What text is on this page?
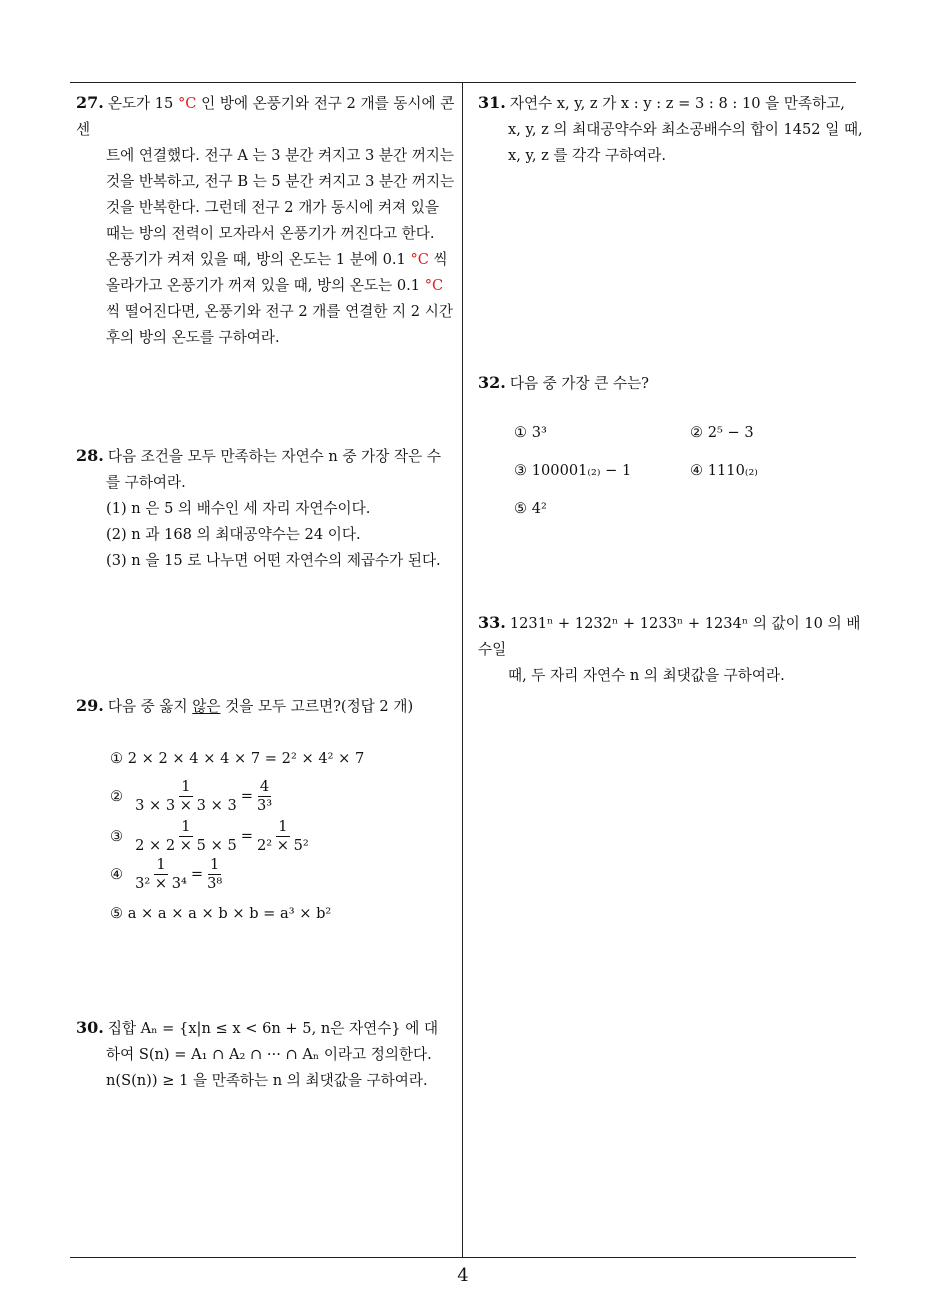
27. 온도가 15 °C 인 방에 온풍기와 전구 2 개를 동시에 콘센
트에 연결했다. 전구 A 는 3 분간 켜지고 3 분간 꺼지는
것을 반복하고, 전구 B 는 5 분간 켜지고 3 분간 꺼지는
것을 반복한다. 그런데 전구 2 개가 동시에 켜져 있을
때는 방의 전력이 모자라서 온풍기가 꺼진다고 한다.
온풍기가 켜져 있을 때, 방의 온도는 1 분에 0.1 °C 씩
올라가고 온풍기가 꺼져 있을 때, 방의 온도는 0.1 °C
씩 떨어진다면, 온풍기와 전구 2 개를 연결한 지 2 시간
후의 방의 온도를 구하여라.
28. 다음 조건을 모두 만족하는 자연수 n 중 가장 작은 수
를 구하여라.
(1) n 은 5 의 배수인 세 자리 자연수이다.
(2) n 과 168 의 최대공약수는 24 이다.
(3) n 을 15 로 나누면 어떤 자연수의 제곱수가 된다.
29. 다음 중 옳지 않은 것을 모두 고르면?(정답 2 개)
① 2 × 2 × 4 × 4 × 7 = 2² × 4² × 7
② $\frac{1}{3 \times 3 \times 3 \times 3} = \frac{4}{\text{3³}}$
③ $\frac{1}{2 \times 2 \times 5 \times 5} = \frac{1}{\text{2² × 5²}}$
④ $\frac{1}{\text{3² × 3⁴}} = \frac{1}{\text{3⁸}}$
⑤ a × a × a × b × b = a³ × b²
30. 집합 Aₙ = {x|n ≤ x < 6n + 5, n은 자연수} 에 대
하여 S(n) = A₁ ∩ A₂ ∩ ··· ∩ Aₙ 이라고 정의한다.
n(S(n)) ≥ 1 을 만족하는 n 의 최댓값을 구하여라.
31. 자연수 x, y, z 가 x : y : z = 3 : 8 : 10 을 만족하고,
x, y, z 의 최대공약수와 최소공배수의 합이 1452 일 때,
x, y, z 를 각각 구하여라.
32. 다음 중 가장 큰 수는?
① 3³	② 2⁵ − 3
③ 100001₍₂₎ − 1	④ 1110₍₂₎
⑤ 4²
33. 1231ⁿ + 1232ⁿ + 1233ⁿ + 1234ⁿ 의 값이 10 의 배수일
때, 두 자리 자연수 n 의 최댓값을 구하여라.
4
